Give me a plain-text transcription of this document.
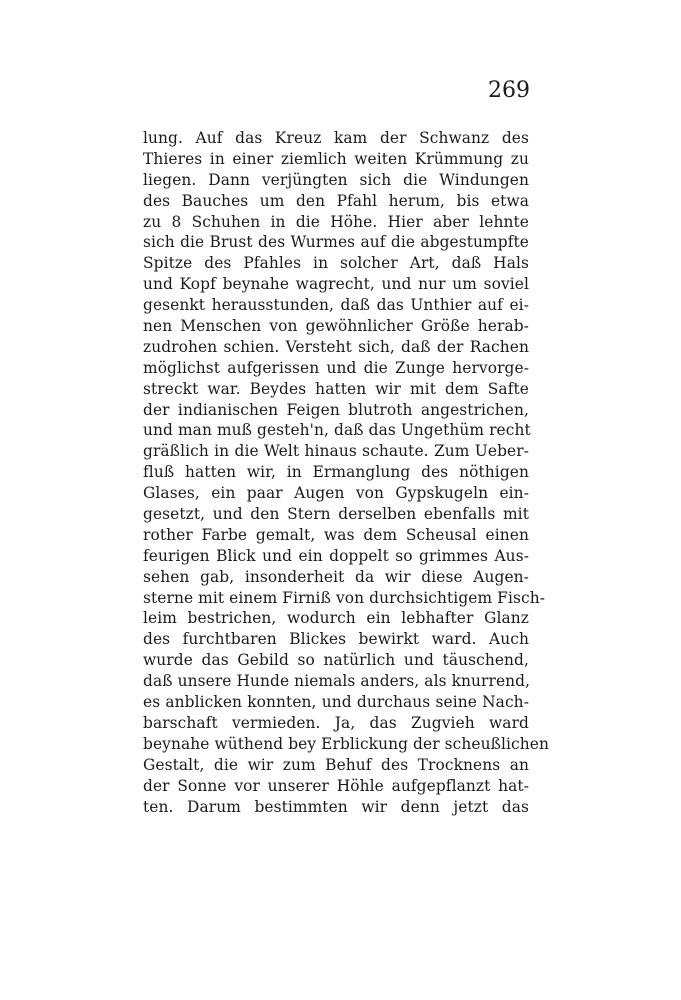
269
lung. Auf das Kreuz kam der Schwanz des
Thieres in einer ziemlich weiten Krümmung zu
liegen. Dann verjüngten sich die Windungen
des Bauches um den Pfahl herum, bis etwa
zu 8 Schuhen in die Höhe. Hier aber lehnte
sich die Brust des Wurmes auf die abgestumpfte
Spitze des Pfahles in solcher Art, daß Hals
und Kopf beynahe wagrecht, und nur um soviel
gesenkt herausstunden, daß das Unthier auf ei-
nen Menschen von gewöhnlicher Größe herab-
zudrohen schien. Versteht sich, daß der Rachen
möglichst aufgerissen und die Zunge hervorge-
streckt war. Beydes hatten wir mit dem Safte
der indianischen Feigen blutroth angestrichen,
und man muß gesteh'n, daß das Ungethüm recht
gräßlich in die Welt hinaus schaute. Zum Ueber-
fluß hatten wir, in Ermanglung des nöthigen
Glases, ein paar Augen von Gypskugeln ein-
gesetzt, und den Stern derselben ebenfalls mit
rother Farbe gemalt, was dem Scheusal einen
feurigen Blick und ein doppelt so grimmes Aus-
sehen gab, insonderheit da wir diese Augen-
sterne mit einem Firniß von durchsichtigem Fisch-
leim bestrichen, wodurch ein lebhafter Glanz
des furchtbaren Blickes bewirkt ward. Auch
wurde das Gebild so natürlich und täuschend,
daß unsere Hunde niemals anders, als knurrend,
es anblicken konnten, und durchaus seine Nach-
barschaft vermieden. Ja, das Zugvieh ward
beynahe wüthend bey Erblickung der scheußlichen
Gestalt, die wir zum Behuf des Trocknens an
der Sonne vor unserer Höhle aufgepflanzt hat-
ten. Darum bestimmten wir denn jetzt das
